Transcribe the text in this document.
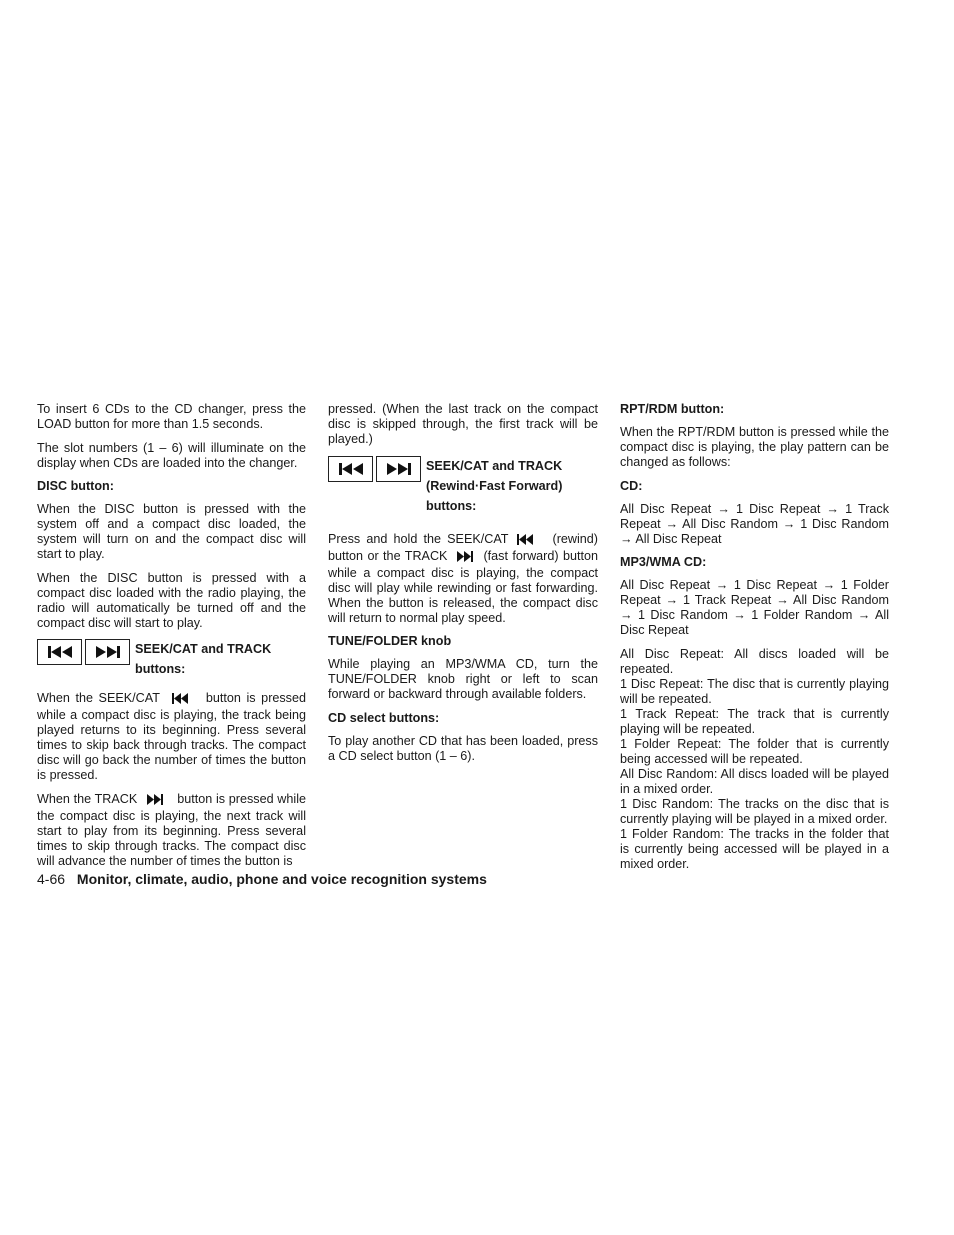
To insert 6 CDs to the CD changer, press the LOAD button for more than 1.5 seconds.

The slot numbers (1 – 6) will illuminate on the display when CDs are loaded into the changer.

DISC button:

When the DISC button is pressed with the system off and a compact disc loaded, the system will turn on and the compact disc will start to play.

When the DISC button is pressed with a compact disc loaded with the radio playing, the radio will automatically be turned off and the compact disc will start to play.

SEEK/CAT and TRACK
buttons:

When the SEEK/CAT	button is pressed while a compact disc is playing, the track being played returns to its beginning. Press several times to skip back through tracks. The compact disc will go back the number of times the button is pressed.

When the TRACK	button is pressed while the compact disc is playing, the next track will start to play from its beginning. Press several times to skip through tracks. The compact disc will advance the number of times the button is

pressed. (When the last track on the compact disc is skipped through, the first track will be played.)

SEEK/CAT and TRACK
(Rewind·Fast Forward)
buttons:

Press and hold the SEEK/CAT	(rewind) button or the TRACK	(fast forward) button while a compact disc is playing, the compact disc will play while rewinding or fast forwarding. When the button is released, the compact disc will return to normal play speed.

TUNE/FOLDER knob

While playing an MP3/WMA CD, turn the TUNE/FOLDER knob right or left to scan forward or backward through available folders.

CD select buttons:

To play another CD that has been loaded, press a CD select button (1 – 6).

RPT/RDM button:

When the RPT/RDM button is pressed while the compact disc is playing, the play pattern can be changed as follows:

CD:

All Disc Repeat → 1 Disc Repeat → 1 Track Repeat → All Disc Random → 1 Disc Random → All Disc Repeat

MP3/WMA CD:

All Disc Repeat → 1 Disc Repeat → 1 Folder Repeat → 1 Track Repeat → All Disc Random → 1 Disc Random → 1 Folder Random → All Disc Repeat

All Disc Repeat: All discs loaded will be repeated.

1 Disc Repeat: The disc that is currently playing will be repeated.

1 Track Repeat: The track that is currently playing will be repeated.

1 Folder Repeat: The folder that is currently being accessed will be repeated.

All Disc Random: All discs loaded will be played in a mixed order.

1 Disc Random: The tracks on the disc that is currently playing will be played in a mixed order.

1 Folder Random: The tracks in the folder that is currently being accessed will be played in a mixed order.

4-66 Monitor, climate, audio, phone and voice recognition systems
